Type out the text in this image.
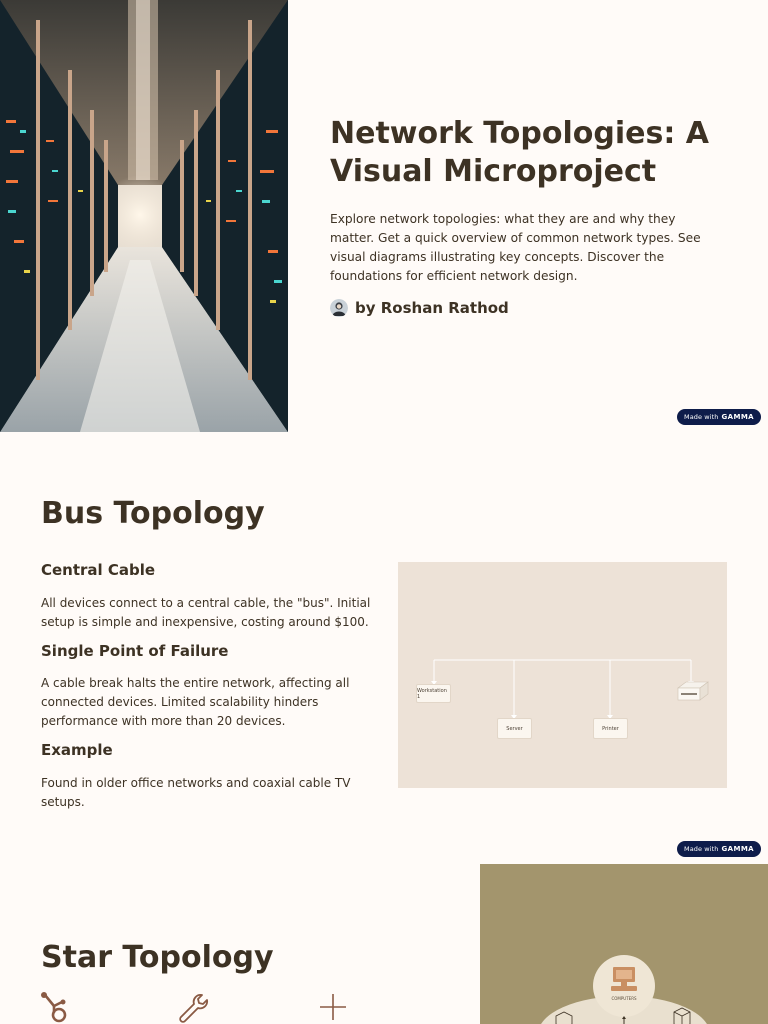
Network Topologies: A Visual Microproject

Explore network topologies: what they are and why they matter. Get a quick overview of common network types. See visual diagrams illustrating key concepts. Discover the foundations for efficient network design.

by Roshan Rathod
Made with GAMMA
Bus Topology
Central Cable

All devices connect to a central cable, the "bus". Initial setup is simple and inexpensive, costing around $100.

Single Point of Failure

A cable break halts the entire network, affecting all connected devices. Limited scalability hinders performance with more than 20 devices.

Example

Found in older office networks and coaxial cable TV setups.

Workstation 1
Server	Printer
Made with GAMMA
Star Topology
COMPUTERS
